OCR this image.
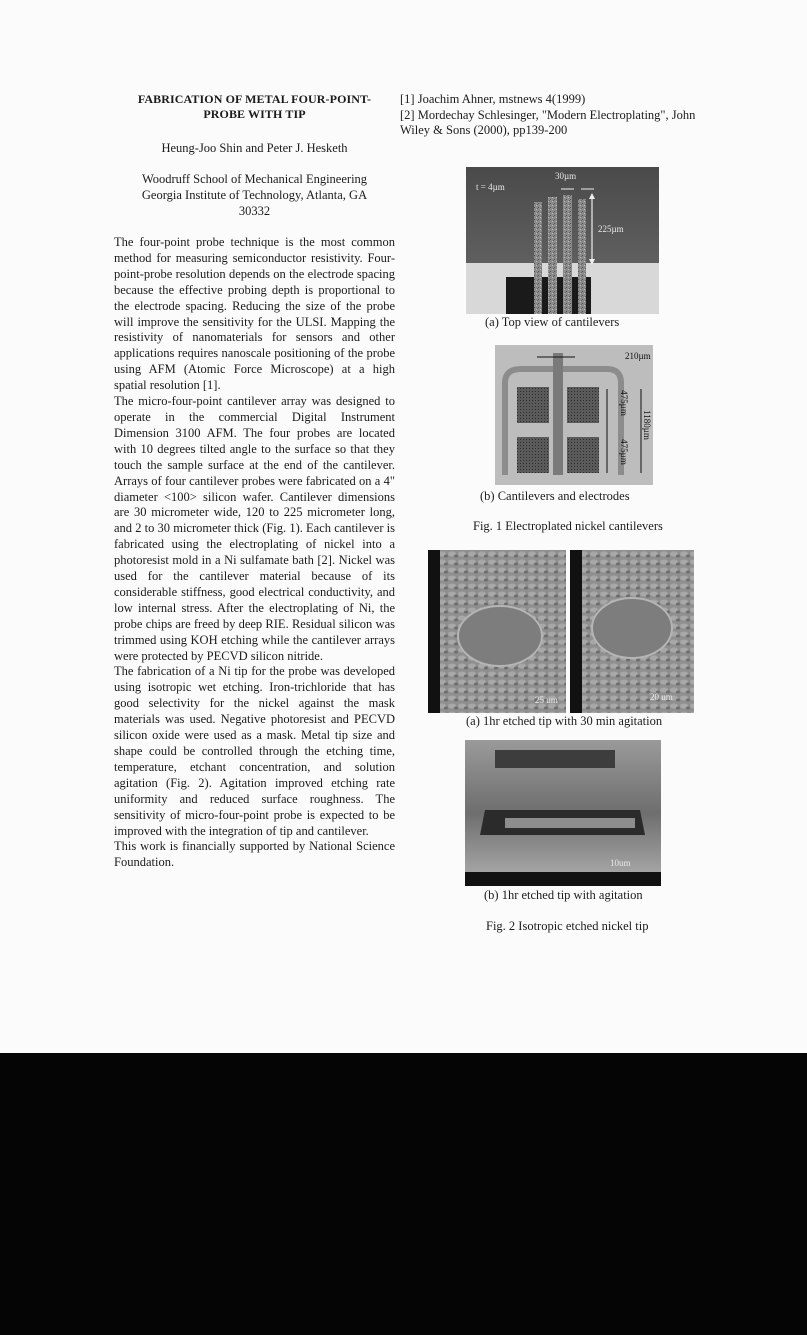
FABRICATION OF METAL FOUR-POINT-
PROBE WITH TIP

Heung-Joo Shin and Peter J. Hesketh
Woodruff School of Mechanical Engineering
Georgia Institute of Technology, Atlanta, GA
30332

The four-point probe technique is the most common method for measuring semiconductor resistivity. Four-point-probe resolution depends on the electrode spacing because the effective probing depth is proportional to the electrode spacing. Reducing the size of the probe will improve the sensitivity for the ULSI. Mapping the resistivity of nanomaterials for sensors and other applications requires nanoscale positioning of the probe using AFM (Atomic Force Microscope) at a high spatial resolution [1].

The micro-four-point cantilever array was designed to operate in the commercial Digital Instrument Dimension 3100 AFM. The four probes are located with 10 degrees tilted angle to the surface so that they touch the sample surface at the end of the cantilever. Arrays of four cantilever probes were fabricated on a 4" diameter <100> silicon wafer. Cantilever dimensions are 30 micrometer wide, 120 to 225 micrometer long, and 2 to 30 micrometer thick (Fig. 1). Each cantilever is fabricated using the electroplating of nickel into a photoresist mold in a Ni sulfamate bath [2]. Nickel was used for the cantilever material because of its considerable stiffness, good electrical conductivity, and low internal stress. After the electroplating of Ni, the probe chips are freed by deep RIE. Residual silicon was trimmed using KOH etching while the cantilever arrays were protected by PECVD silicon nitride.

The fabrication of a Ni tip for the probe was developed using isotropic wet etching. Iron-trichloride that has good selectivity for the nickel against the mask materials was used. Negative photoresist and PECVD silicon oxide were used as a mask. Metal tip size and shape could be controlled through the etching time, temperature, etchant concentration, and solution agitation (Fig. 2). Agitation improved etching rate uniformity and reduced surface roughness. The sensitivity of micro-four-point probe is expected to be improved with the integration of tip and cantilever.

This work is financially supported by National Science Foundation.

[1] Joachim Ahner, mstnews 4(1999)

[2] Mordechay Schlesinger, "Modern Electroplating", John Wiley & Sons (2000), pp139-200

t = 4µm
30µm
225µm
(a) Top view of cantilevers
210µm
475µm
475µm
1180µm
(b) Cantilevers and electrodes
Fig. 1 Electroplated nickel cantilevers
25 um	20 um
(a) 1hr etched tip with 30 min agitation
10um
(b) 1hr etched tip with agitation
Fig. 2 Isotropic etched nickel tip
